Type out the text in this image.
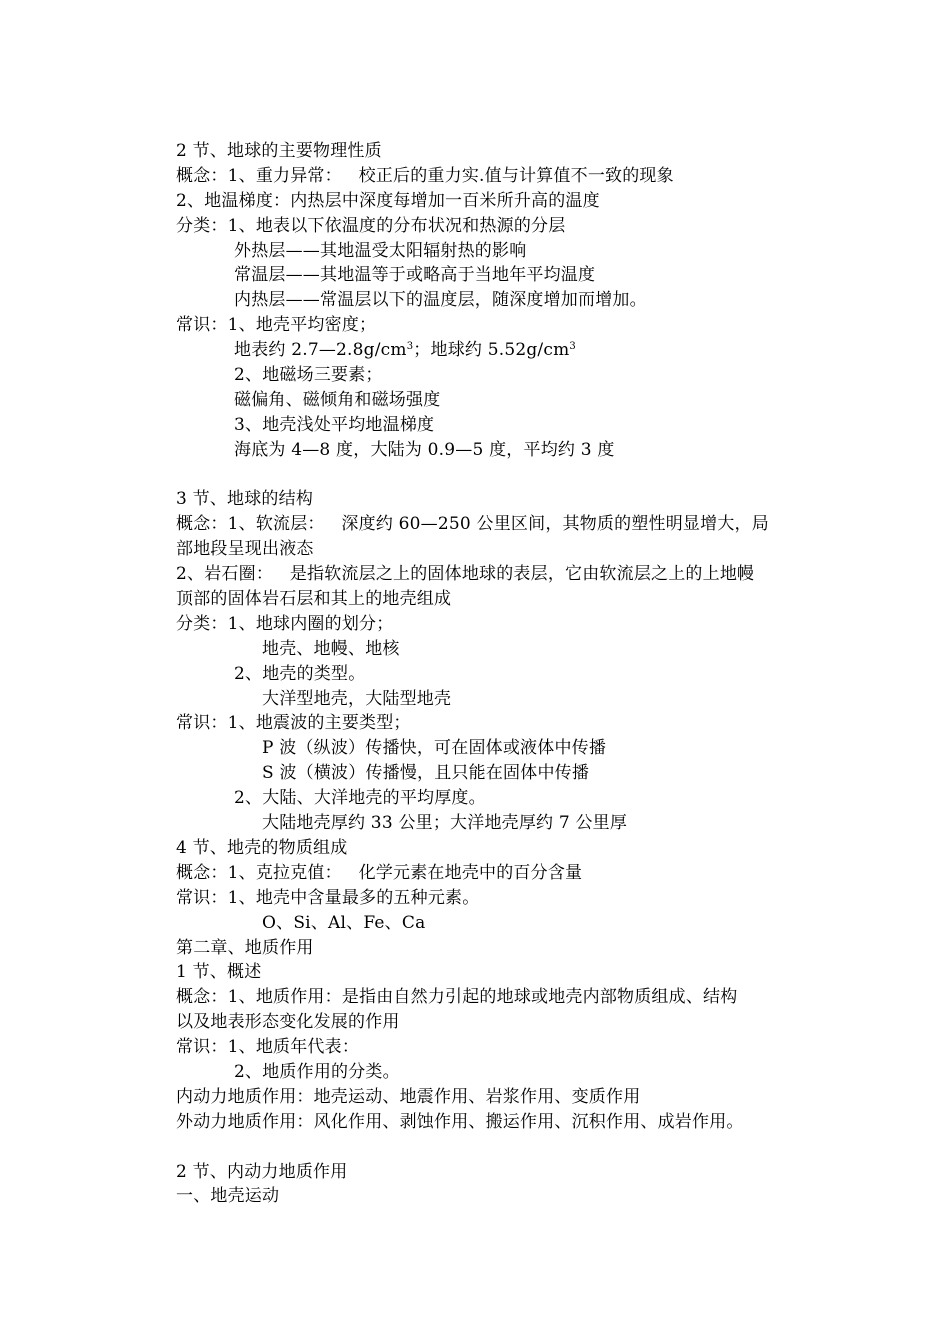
2 节、地球的主要物理性质
概念：1、重力异常：   校正后的重力实.值与计算值不一致的现象
2、地温梯度：内热层中深度每增加一百米所升高的温度
分类：1、地表以下依温度的分布状况和热源的分层
外热层——其地温受太阳辐射热的影响
常温层——其地温等于或略高于当地年平均温度
内热层——常温层以下的温度层，随深度增加而增加。
常识：1、地壳平均密度；
地表约 $2.7—2.8g/cm^3$；地球约 $5.52g/cm^3$
2、地磁场三要素；
磁偏角、磁倾角和磁场强度
3、地壳浅处平均地温梯度
海底为 4—8 度，大陆为 0.9—5 度，平均约 3 度
3 节、地球的结构
概念：1、软流层：   深度约 60—250 公里区间，其物质的塑性明显增大，局
部地段呈现出液态
2、岩石圈：   是指软流层之上的固体地球的表层，它由软流层之上的上地幔
顶部的固体岩石层和其上的地壳组成
分类：1、地球内圈的划分；
地壳、地幔、地核
2、地壳的类型。
大洋型地壳，大陆型地壳
常识：1、地震波的主要类型；
P 波（纵波）传播快，可在固体或液体中传播
S 波（横波）传播慢，且只能在固体中传播
2、大陆、大洋地壳的平均厚度。
大陆地壳厚约 33 公里；大洋地壳厚约 7 公里厚
4 节、地壳的物质组成
概念：1、克拉克值：   化学元素在地壳中的百分含量
常识：1、地壳中含量最多的五种元素。
O、Si、Al、Fe、Ca
第二章、地质作用
1 节、概述
概念：1、地质作用：是指由自然力引起的地球或地壳内部物质组成、结构
以及地表形态变化发展的作用
常识：1、地质年代表：
2、地质作用的分类。
内动力地质作用：地壳运动、地震作用、岩浆作用、变质作用
外动力地质作用：风化作用、剥蚀作用、搬运作用、沉积作用、成岩作用。
2 节、内动力地质作用
一、地壳运动
